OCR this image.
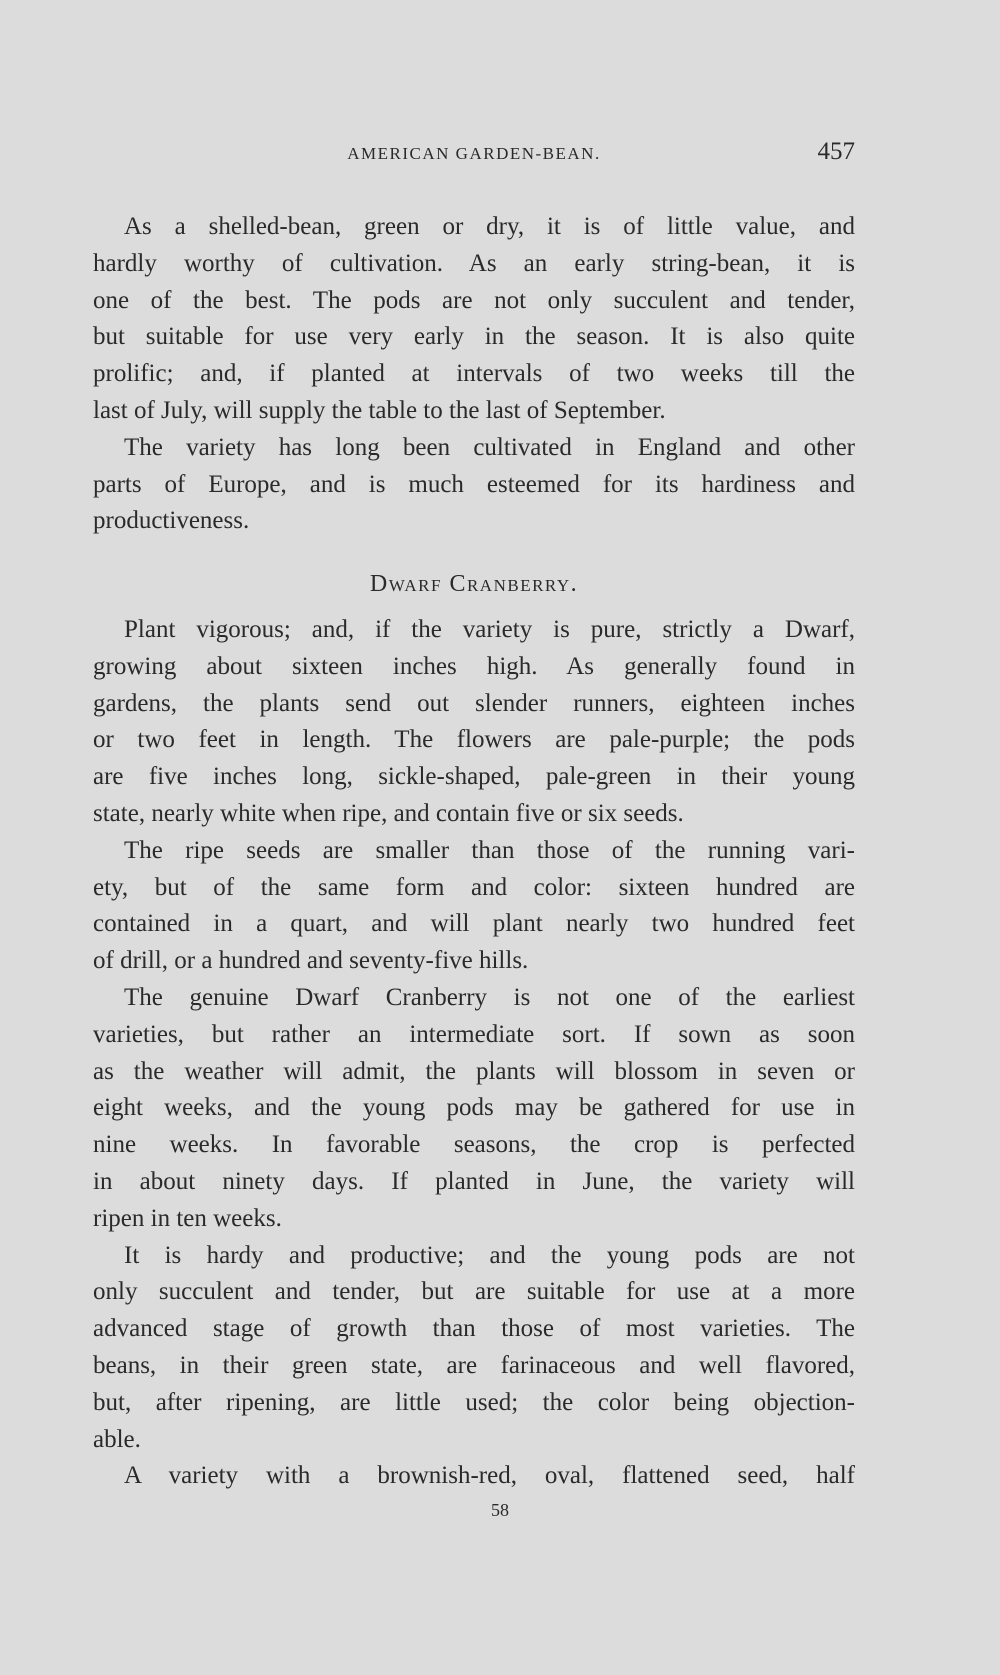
AMERICAN GARDEN-BEAN.	457
As a shelled-bean, green or dry, it is of little value, and
hardly worthy of cultivation. As an early string-bean, it is
one of the best. The pods are not only succulent and tender,
but suitable for use very early in the season. It is also quite
prolific; and, if planted at intervals of two weeks till the
last of July, will supply the table to the last of September.
The variety has long been cultivated in England and other
parts of Europe, and is much esteemed for its hardiness and
productiveness.
Dwarf Cranberry.
Plant vigorous; and, if the variety is pure, strictly a Dwarf,
growing about sixteen inches high. As generally found in
gardens, the plants send out slender runners, eighteen inches
or two feet in length. The flowers are pale-purple; the pods
are five inches long, sickle-shaped, pale-green in their young
state, nearly white when ripe, and contain five or six seeds.
The ripe seeds are smaller than those of the running vari-
ety, but of the same form and color: sixteen hundred are
contained in a quart, and will plant nearly two hundred feet
of drill, or a hundred and seventy-five hills.
The genuine Dwarf Cranberry is not one of the earliest
varieties, but rather an intermediate sort. If sown as soon
as the weather will admit, the plants will blossom in seven or
eight weeks, and the young pods may be gathered for use in
nine weeks. In favorable seasons, the crop is perfected
in about ninety days. If planted in June, the variety will
ripen in ten weeks.
It is hardy and productive; and the young pods are not
only succulent and tender, but are suitable for use at a more
advanced stage of growth than those of most varieties. The
beans, in their green state, are farinaceous and well flavored,
but, after ripening, are little used; the color being objection-
able.
A variety with a brownish-red, oval, flattened seed, half
58
